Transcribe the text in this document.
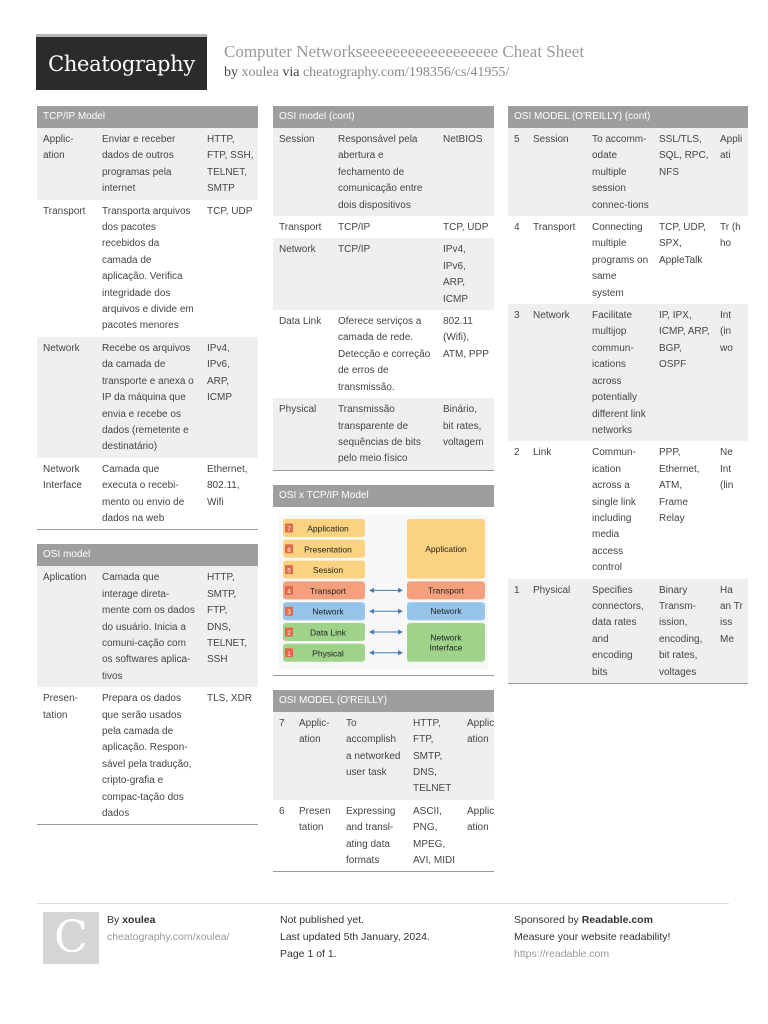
Cheatography	Computer Networkseeeeeeeeeeeeeeeeee Cheat Sheet
by xoulea via cheatography.com/198356/cs/41955/
TCP/IP Model
Applic-ation	Enviar e receber dados de outros programas pela internet	HTTP, FTP, SSH, TELNET, SMTP
Transport	Transporta arquivos dos pacotes recebidos da camada de aplicação. Verifica integridade dos arquivos e divide em pacotes menores	TCP, UDP
Network	Recebe os arquivos da camada de transporte e anexa o IP da máquina que envia e recebe os dados (remetente e destinatário)	IPv4, IPv6, ARP, ICMP
Network Interface	Camada que executa o recebi-mento ou envio de dados na web	Ethernet, 802.11, Wifi
OSI model
Aplication	Camada que interage direta-mente com os dados do usuário. Inicia a comuni-cação com os softwares aplica-tivos	HTTP, SMTP, FTP, DNS, TELNET, SSH
Presen-tation	Prepara os dados que serão usados pela camada de aplicação. Respon-sável pela tradução, cripto-grafia e compac-tação dos dados	TLS, XDR
OSI model (cont)
Session	Responsável pela abertura e fechamento de comunicação entre dois dispositivos	NetBIOS
Transport	TCP/IP	TCP, UDP
Network	TCP/IP	IPv4, IPv6, ARP, ICMP
Data Link	Oferece serviços a camada de rede. Detecção e correção de erros de transmissão.	802.11 (Wifi), ATM, PPP
Physical	Transmissão transparente de sequências de bits pelo meio físico	Binário, bit rates, voltagem
OSI x TCP/IP Model
7 Application
6 Presentation
5	Session
4 Transport
3	Network
2 Data Link
1	Physical
Application
Transport
Network
Network
Interface
OSI MODEL (O'REILLY)
7	Applic-ation	To accomplish a networked user task	HTTP, FTP, SMTP, DNS, TELNET	Applic ation
6	Presen tation	Expressing and transl-ating data formats	ASCII, PNG, MPEG, AVI, MIDI	Applic ation
OSI MODEL (O'REILLY) (cont)
5	Session	To accomm-odate multiple session connec-tions	SSL/TLS, SQL, RPC, NFS	Appli ati
4	Transport	Connecting multiple programs on same system	TCP, UDP, SPX, AppleTalk	Tr (h ho
3	Network	Facilitate multijop commun-ications across potentially different link networks	IP, IPX, ICMP, ARP, BGP, OSPF	Int (in wo
2	Link	Commun-ication across a single link including media access control	PPP, Ethernet, ATM, Frame Relay	Ne Int (lin
1	Physical	Specifies connectors, data rates and encoding bits	Binary Transm-ission, encoding, bit rates, voltages	Ha an Tr iss Me
C	By xoulea
cheatography.com/xoulea/
Not published yet.
Last updated 5th January, 2024.
Page 1 of 1.
Sponsored by Readable.com
Measure your website readability!
https://readable.com
